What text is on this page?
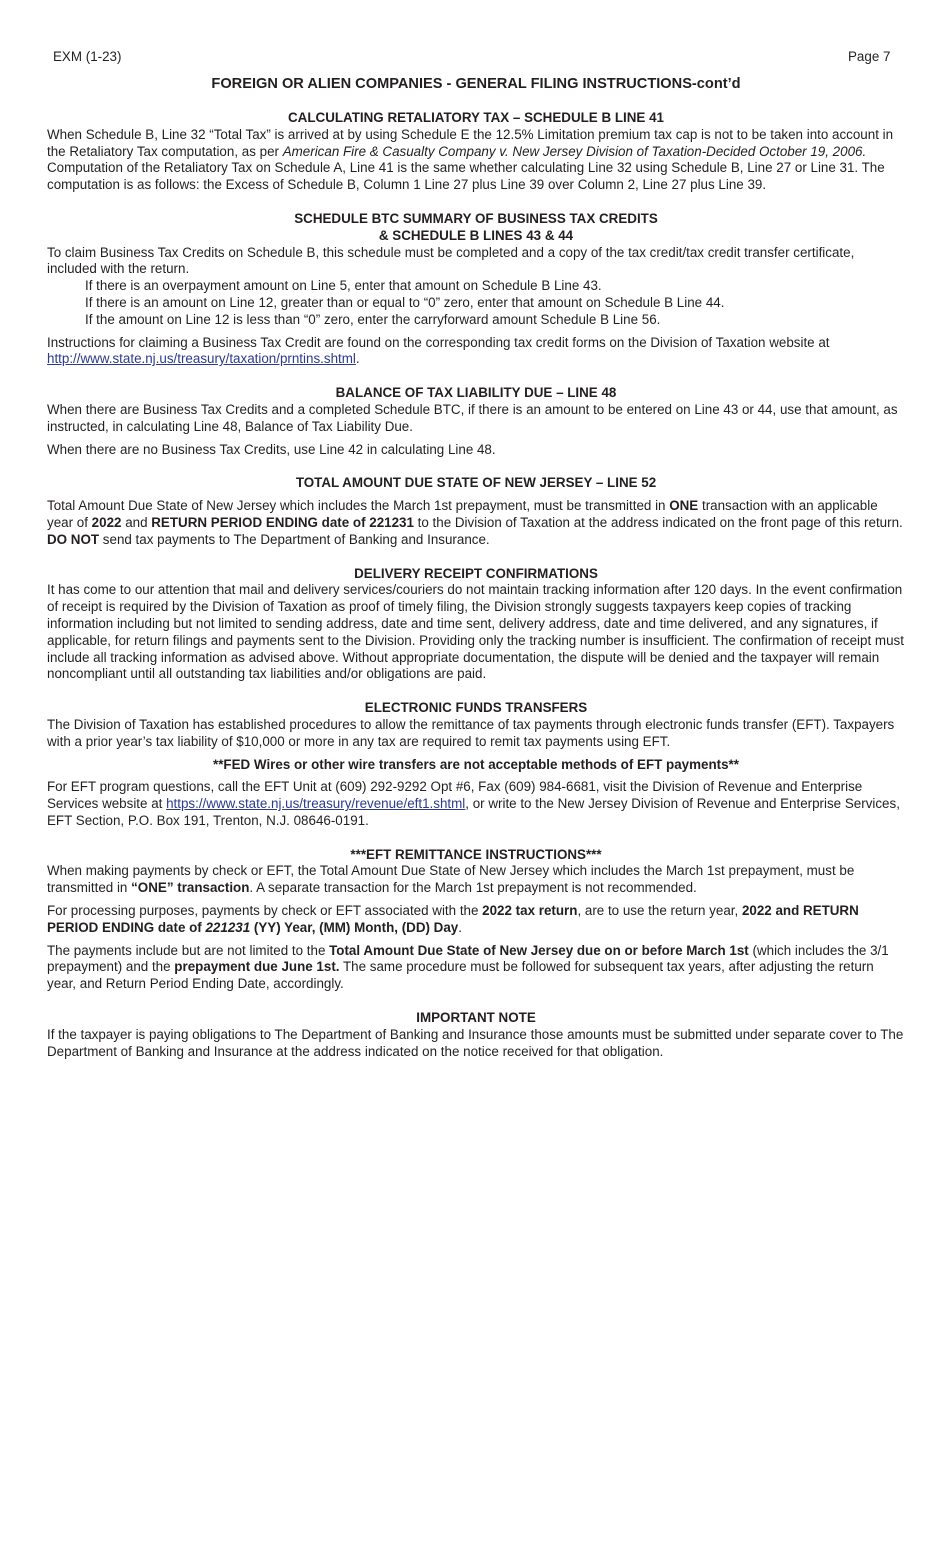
EXM (1-23)	Page 7
FOREIGN OR ALIEN COMPANIES - GENERAL FILING INSTRUCTIONS-cont’d
CALCULATING RETALIATORY TAX – SCHEDULE B LINE 41

When Schedule B, Line 32 “Total Tax” is arrived at by using Schedule E the 12.5% Limitation premium tax cap is not to be taken into account in the Retaliatory Tax computation, as per American Fire & Casualty Company v. New Jersey Division of Taxation-Decided October 19, 2006. Computation of the Retaliatory Tax on Schedule A, Line 41 is the same whether calculating Line 32 using Schedule B, Line 27 or Line 31. The computation is as follows: the Excess of Schedule B, Column 1 Line 27 plus Line 39 over Column 2, Line 27 plus Line 39.

SCHEDULE BTC SUMMARY OF BUSINESS TAX CREDITS
& SCHEDULE B LINES 43 & 44

To claim Business Tax Credits on Schedule B, this schedule must be completed and a copy of the tax credit/tax credit transfer certificate, included with the return.

If there is an overpayment amount on Line 5, enter that amount on Schedule B Line 43.
If there is an amount on Line 12, greater than or equal to “0” zero, enter that amount on Schedule B Line 44.
If the amount on Line 12 is less than “0” zero, enter the carryforward amount Schedule B Line 56.

Instructions for claiming a Business Tax Credit are found on the corresponding tax credit forms on the Division of Taxation website at http://www.state.nj.us/treasury/taxation/prntins.shtml.

BALANCE OF TAX LIABILITY DUE – LINE 48

When there are Business Tax Credits and a completed Schedule BTC, if there is an amount to be entered on Line 43 or 44, use that amount, as instructed, in calculating Line 48, Balance of Tax Liability Due.

When there are no Business Tax Credits, use Line 42 in calculating Line 48.

TOTAL AMOUNT DUE STATE OF NEW JERSEY – LINE 52

Total Amount Due State of New Jersey which includes the March 1st prepayment, must be transmitted in ONE transaction with an applicable year of 2022 and RETURN PERIOD ENDING date of 221231 to the Division of Taxation at the address indicated on the front page of this return. DO NOT send tax payments to The Department of Banking and Insurance.

DELIVERY RECEIPT CONFIRMATIONS

It has come to our attention that mail and delivery services/couriers do not maintain tracking information after 120 days. In the event confirmation of receipt is required by the Division of Taxation as proof of timely filing, the Division strongly suggests taxpayers keep copies of tracking information including but not limited to sending address, date and time sent, delivery address, date and time delivered, and any signatures, if applicable, for return filings and payments sent to the Division. Providing only the tracking number is insufficient. The confirmation of receipt must include all tracking information as advised above. Without appropriate documentation, the dispute will be denied and the taxpayer will remain noncompliant until all outstanding tax liabilities and/or obligations are paid.

ELECTRONIC FUNDS TRANSFERS

The Division of Taxation has established procedures to allow the remittance of tax payments through electronic funds transfer (EFT). Taxpayers with a prior year’s tax liability of $10,000 or more in any tax are required to remit tax payments using EFT.

**FED Wires or other wire transfers are not acceptable methods of EFT payments**

For EFT program questions, call the EFT Unit at (609) 292-9292 Opt #6, Fax (609) 984-6681, visit the Division of Revenue and Enterprise Services website at https://www.state.nj.us/treasury/revenue/eft1.shtml, or write to the New Jersey Division of Revenue and Enterprise Services, EFT Section, P.O. Box 191, Trenton, N.J. 08646-0191.

***EFT REMITTANCE INSTRUCTIONS***

When making payments by check or EFT, the Total Amount Due State of New Jersey which includes the March 1st prepayment, must be transmitted in “ONE” transaction. A separate transaction for the March 1st prepayment is not recommended.

For processing purposes, payments by check or EFT associated with the 2022 tax return, are to use the return year, 2022 and RETURN PERIOD ENDING date of 221231 (YY) Year, (MM) Month, (DD) Day.

The payments include but are not limited to the Total Amount Due State of New Jersey due on or before March 1st (which includes the 3/1 prepayment) and the prepayment due June 1st. The same procedure must be followed for subsequent tax years, after adjusting the return year, and Return Period Ending Date, accordingly.

IMPORTANT NOTE

If the taxpayer is paying obligations to The Department of Banking and Insurance those amounts must be submitted under separate cover to The Department of Banking and Insurance at the address indicated on the notice received for that obligation.
